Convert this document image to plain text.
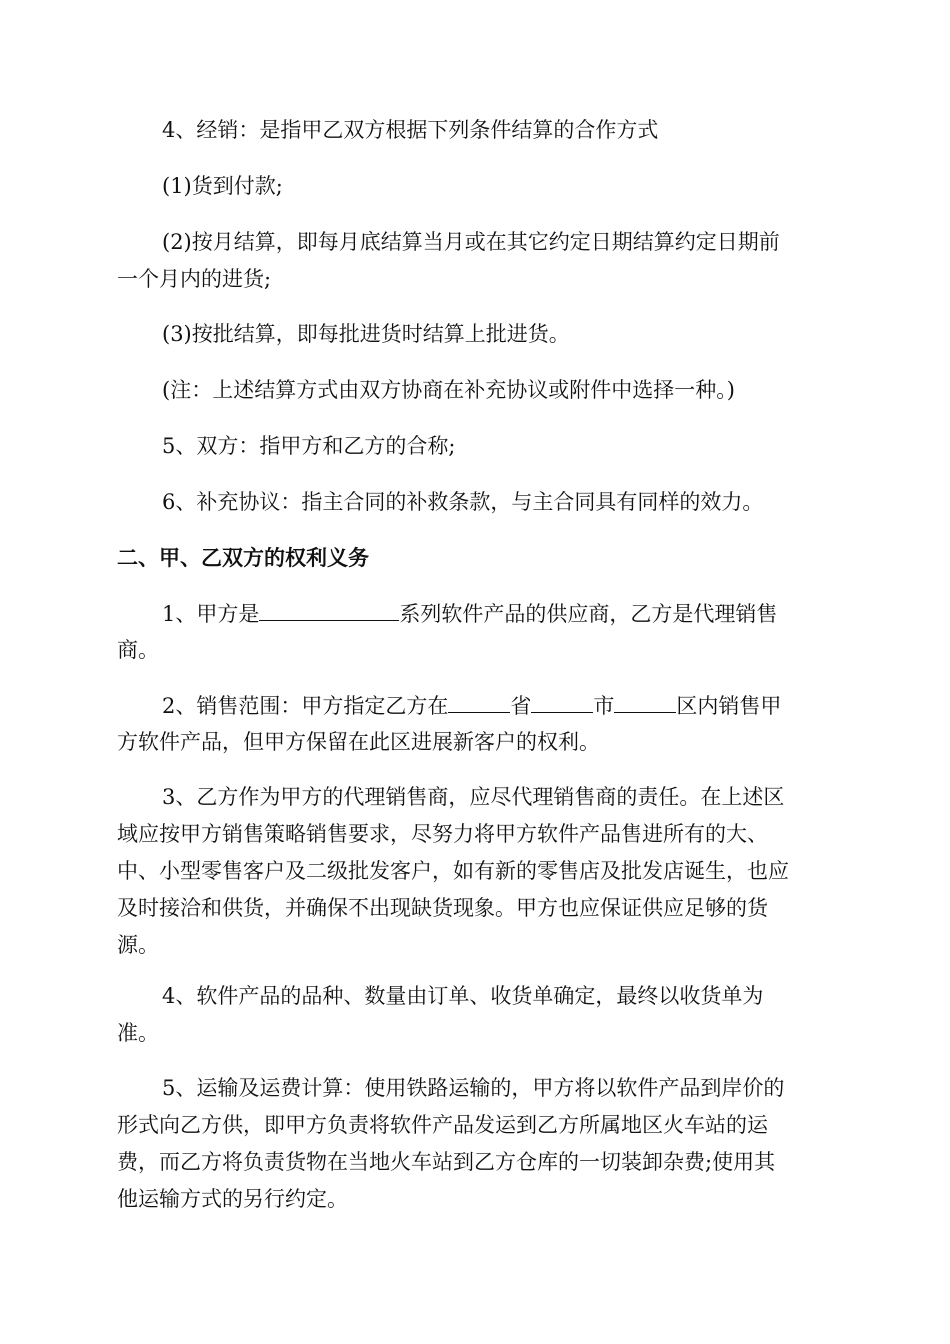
4、经销：是指甲乙双方根据下列条件结算的合作方式

(1)货到付款;

(2)按月结算，即每月底结算当月或在其它约定日期结算约定日期前

一个月内的进货;

(3)按批结算，即每批进货时结算上批进货。

(注：上述结算方式由双方协商在补充协议或附件中选择一种。)

5、双方：指甲方和乙方的合称;

6、补充协议：指主合同的补救条款，与主合同具有同样的效力。

二、甲、乙双方的权利义务

1、甲方是	系列软件产品的供应商，乙方是代理销售

商。

2、销售范围：甲方指定乙方在	省	市	区内销售甲

方软件产品，但甲方保留在此区进展新客户的权利。

3、乙方作为甲方的代理销售商，应尽代理销售商的责任。在上述区

域应按甲方销售策略销售要求，尽努力将甲方软件产品售进所有的大、

中、小型零售客户及二级批发客户，如有新的零售店及批发店诞生，也应

及时接洽和供货，并确保不出现缺货现象。甲方也应保证供应足够的货

源。

4、软件产品的品种、数量由订单、收货单确定，最终以收货单为

准。

5、运输及运费计算：使用铁路运输的，甲方将以软件产品到岸价的

形式向乙方供，即甲方负责将软件产品发运到乙方所属地区火车站的运

费，而乙方将负责货物在当地火车站到乙方仓库的一切装卸杂费;使用其

他运输方式的另行约定。
